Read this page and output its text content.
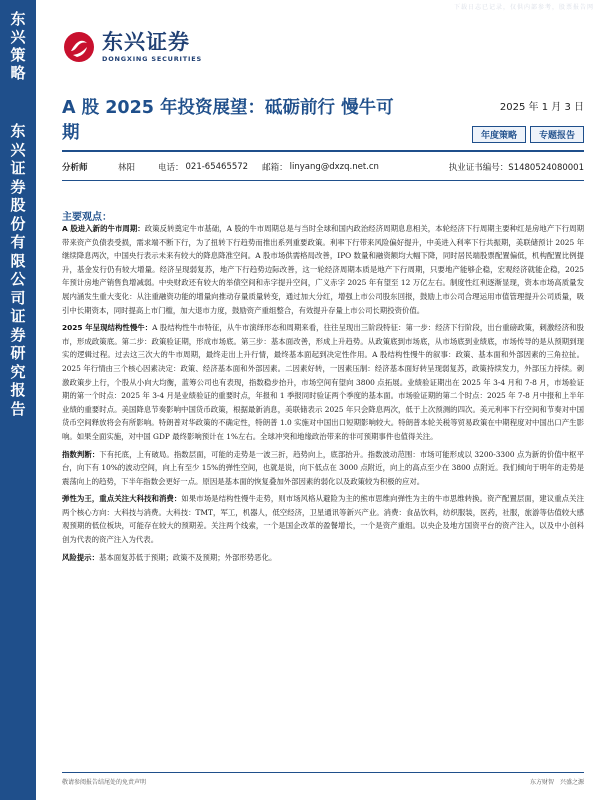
下载日志已记录，仅供内部参考，股票报告网
东兴策略
东兴证券股份有限公司证券研究报告
东兴证券
DONGXING SECURITIES
A 股 2025 年投资展望：砥砺前行 慢牛可期
2025 年 1 月 3 日
年度策略	专题报告
分析师	林阳	电话： 021-65465572 邮箱： linyang@dxzq.net.cn	执业证书编号：S1480524080001
主要观点：

A 股进入新的牛市周期：政策反转奠定牛市基础，A 股的牛市周期总是与当时全球和国内政治经济周期息息相关，本轮经济下行周期主要种红是房地产下行周期带来资产负债表受损，需求端不断下行，为了扭转下行趋势而推出系列重要政策。利率下行带来风险偏好提升，中美进入利率下行共振期，美联储预计 2025 年继续降息两次，中国央行表示未来有较大的降息降准空间。A 股市场供需格局改善，IPO 数量和融资额均大幅下降，同时居民端股票配置偏低，机构配置比例提升，基金发行仍有较大增量。经济呈现弱复苏，地产下行趋势边际改善，这一轮经济周期本质是地产下行周期，只要地产能够企稳，宏观经济就能企稳，2025 年预计房地产销售負增减弱。中央财政还有较大的举债空间和赤字提升空间，广义赤字 2025 年有望至 12 万亿左右。制度性红利逐渐显现，资本市场高质量发展内涵发生重大变化：从注重融资功能的增量向推动存量质量转变，通过加大分红，增强上市公司股东回报，鼓励上市公司合理运用市值管理提升公司质量，吸引中长期资本，同时提高上市门槛，加大退市力度，鼓励资产重组整合，有效提升存量上市公司长期投资价值。

2025 年呈现结构性慢牛：A 股结构性牛市特征，从牛市演绎形态和周期来看，往往呈现出三阶段特征：第一步：经济下行阶段，出台重磅政策，刺激经济和股市，形成政策底。第二步：政策验证期，形成市场底。第三步：基本面改善，形成上升趋势。从政策底到市场底，从市场底到业绩底，市场传导的是从预期到现实的逻辑过程。过去这三次大的牛市周期，最终走出上升行情，最终基本面起到决定性作用。A 股结构性慢牛的叙事：政策、基本面和外部因素的三角拉扯。2025 年行情由三个核心因素决定：政策、经济基本面和外部因素。二因素好转，一因素压制：经济基本面好转呈现弱复苏，政策持续发力，外部压力持续。刺激政策步上行，个股从小向大均衡，蓝筹公司也有表现，指数稳步抬升，市场空间有望向 3800 点拓展。业绩验证期出在 2025 年 3-4 月和 7-8 月，市场验证期的第一个时点：2025 年 3-4 月是业绩验证的重要时点，年报和 1 季报同时验证两个季度的基本面。市场验证期的第二个时点：2025 年 7-8 月中报和上半年业绩的重要时点。美国降息节奏影响中国货币政策，根据最新消息，美联储表示 2025 年只会降息两次，低于上次预测的四次。美元利率下行空间和节奏对中国货币空间释放将会有所影响。特朗普对华政策的不确定性，特朗普 1.0 实施对中国出口短期影响较大。特朗普本轮关税等贸易政策在中期程度对中国出口产生影响。如果全面实施，对中国 GDP 最终影响预计在 1%左右。全球冲突和地缘政治带来的非可预期事件也值得关注。

指数判断：下有托底，上有破局。指数层面，可能的走势是一波三折，趋势向上，底部抬升。指数波动范围：市场可能形成以 3200-3300 点为新的价值中枢平台，向下有 10%的波动空间，向上有至少 15%的弹性空间，也就是说，向下低点在 3000 点附近，向上的高点至少在 3800 点附近。我们倾向于明年的走势是震荡向上的趋势，下半年指数会更好一点。原因是基本面的恢复叠加外部因素的弱化以及政策较为积极的应对。

弹性为王，重点关注大科技和消费：如果市场是结构性慢牛走势，则市场风格从避险为主的熊市思维向弹性为主的牛市思维转换。资产配置层面，建议重点关注两个核心方向：大科技与消费。大科技：TMT，军工，机器人，低空经济，卫星通讯等新兴产业。消费：食品饮料，纺织服装，医药，社服，旅游等估值较大感观预期的低位板块，可能存在较大的预期差。关注两个线索，一个是国企改革的盈餐增长，一个是资产重组。以央企及地方国资平台的资产注入，以及中小创科创为代表的资产注入为代表。

风险提示：基本面复苏低于预期；政策不及预期；外部形势恶化。

敬请参阅报告结尾处的免责声明	东方财智　兴盛之源
